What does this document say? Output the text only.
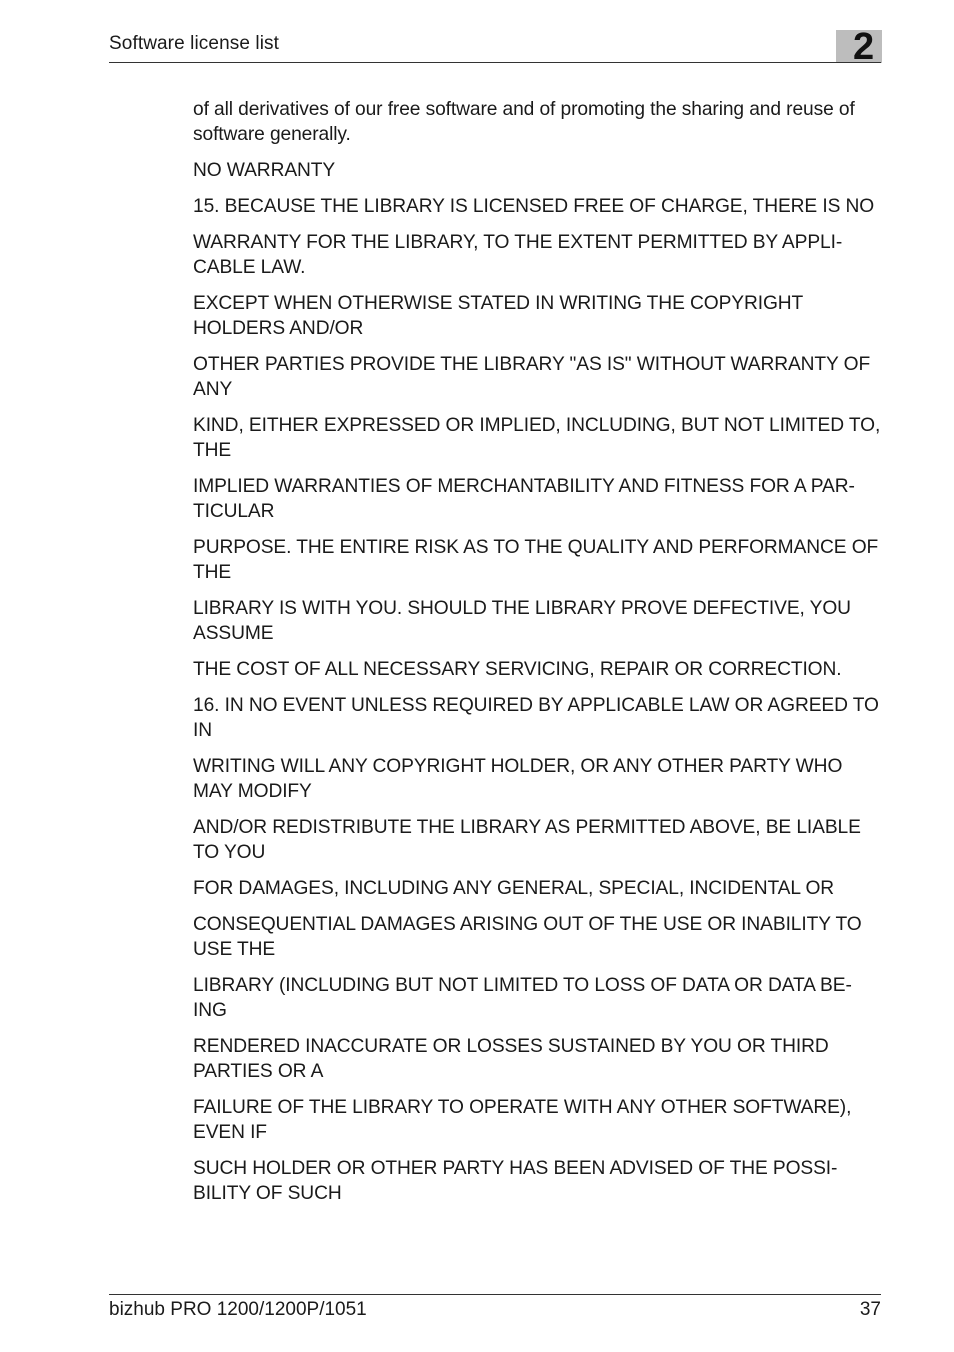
Software license list	2

of all derivatives of our free software and of promoting the sharing and reuse of software generally.

NO WARRANTY

15. BECAUSE THE LIBRARY IS LICENSED FREE OF CHARGE, THERE IS NO

WARRANTY FOR THE LIBRARY, TO THE EXTENT PERMITTED BY APPLI-CABLE LAW.

EXCEPT WHEN OTHERWISE STATED IN WRITING THE COPYRIGHT HOLDERS AND/OR

OTHER PARTIES PROVIDE THE LIBRARY "AS IS" WITHOUT WARRANTY OF ANY

KIND, EITHER EXPRESSED OR IMPLIED, INCLUDING, BUT NOT LIMITED TO, THE

IMPLIED WARRANTIES OF MERCHANTABILITY AND FITNESS FOR A PAR-TICULAR

PURPOSE. THE ENTIRE RISK AS TO THE QUALITY AND PERFORMANCE OF THE

LIBRARY IS WITH YOU. SHOULD THE LIBRARY PROVE DEFECTIVE, YOU ASSUME

THE COST OF ALL NECESSARY SERVICING, REPAIR OR CORRECTION.

16. IN NO EVENT UNLESS REQUIRED BY APPLICABLE LAW OR AGREED TO IN

WRITING WILL ANY COPYRIGHT HOLDER, OR ANY OTHER PARTY WHO MAY MODIFY

AND/OR REDISTRIBUTE THE LIBRARY AS PERMITTED ABOVE, BE LIABLE TO YOU

FOR DAMAGES, INCLUDING ANY GENERAL, SPECIAL, INCIDENTAL OR

CONSEQUENTIAL DAMAGES ARISING OUT OF THE USE OR INABILITY TO USE THE

LIBRARY (INCLUDING BUT NOT LIMITED TO LOSS OF DATA OR DATA BE-ING

RENDERED INACCURATE OR LOSSES SUSTAINED BY YOU OR THIRD PARTIES OR A

FAILURE OF THE LIBRARY TO OPERATE WITH ANY OTHER SOFTWARE), EVEN IF

SUCH HOLDER OR OTHER PARTY HAS BEEN ADVISED OF THE POSSI-BILITY OF SUCH

bizhub PRO 1200/1200P/1051	37
